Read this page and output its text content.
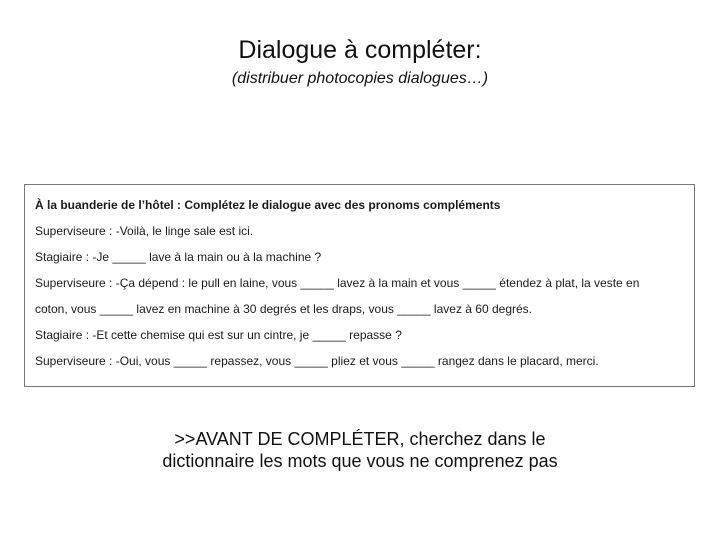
Dialogue à compléter:
(distribuer photocopies dialogues…)
À la buanderie de l’hôtel : Complétez le dialogue avec des pronoms compléments
Superviseure : -Voilà, le linge sale est ici.
Stagiaire : -Je _____ lave à la main ou à la machine ?
Superviseure : -Ça dépend : le pull en laine, vous _____ lavez à la main et vous _____ étendez à plat, la veste en
coton, vous _____ lavez en machine à 30 degrés et les draps, vous _____ lavez à 60 degrés.
Stagiaire : -Et cette chemise qui est sur un cintre, je _____ repasse ?
Superviseure : -Oui, vous _____ repassez, vous _____ pliez et vous _____ rangez dans le placard, merci.
>>AVANT DE COMPLÉTER, cherchez dans le
dictionnaire les mots que vous ne comprenez pas
